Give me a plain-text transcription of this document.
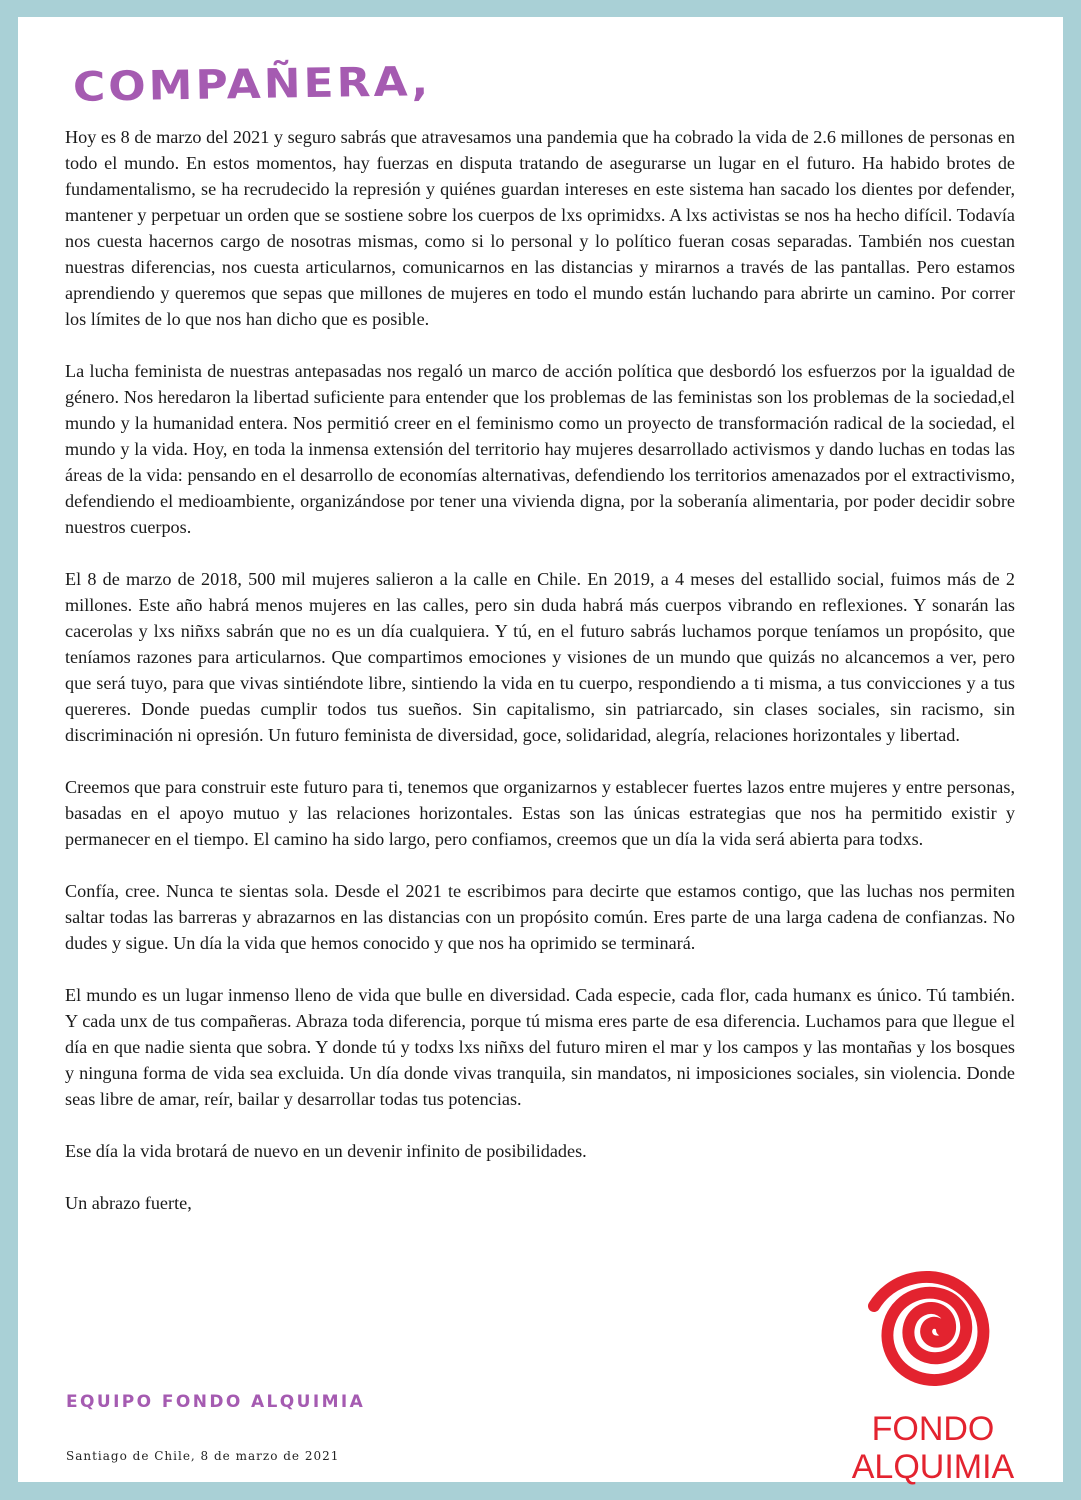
COMPAÑERA,

Hoy es 8 de marzo del 2021 y seguro sabrás que atravesamos una pandemia que ha cobrado la vida de 2.6 millones de personas en todo el mundo. En estos momentos, hay fuerzas en disputa tratando de asegurarse un lugar en el futuro. Ha habido brotes de fundamentalismo, se ha recrudecido la represión y quiénes guardan intereses en este sistema han sacado los dientes por defender, mantener y perpetuar un orden que se sostiene sobre los cuerpos de lxs oprimidxs. A lxs activistas se nos ha hecho difícil. Todavía nos cuesta hacernos cargo de nosotras mismas, como si lo personal y lo político fueran cosas separadas. También nos cuestan nuestras diferencias, nos cuesta articularnos, comunicarnos en las distancias y mirarnos a través de las pantallas. Pero estamos aprendiendo y queremos que sepas que millones de mujeres en todo el mundo están luchando para abrirte un camino. Por correr los límites de lo que nos han dicho que es posible.

La lucha feminista de nuestras antepasadas nos regaló un marco de acción política que desbordó los esfuerzos por la igualdad de género. Nos heredaron la libertad suficiente para entender que los problemas de las feministas son los problemas de la sociedad,el mundo y la humanidad entera. Nos permitió creer en el feminismo como un proyecto de transformación radical de la sociedad, el mundo y la vida. Hoy, en toda la inmensa extensión del territorio hay mujeres desarrollado activismos y dando luchas en todas las áreas de la vida: pensando en el desarrollo de economías alternativas, defendiendo los territorios amenazados por el extractivismo, defendiendo el medioambiente, organizándose por tener una vivienda digna, por la soberanía alimentaria, por poder decidir sobre nuestros cuerpos.

El 8 de marzo de 2018, 500 mil mujeres salieron a la calle en Chile. En 2019, a 4 meses del estallido social, fuimos más de 2 millones. Este año habrá menos mujeres en las calles, pero sin duda habrá más cuerpos vibrando en reflexiones. Y sonarán las cacerolas y lxs niñxs sabrán que no es un día cualquiera. Y tú, en el futuro sabrás luchamos porque teníamos un propósito, que teníamos razones para articularnos. Que compartimos emociones y visiones de un mundo que quizás no alcancemos a ver, pero que será tuyo, para que vivas sintiéndote libre, sintiendo la vida en tu cuerpo, respondiendo a ti misma, a tus convicciones y a tus quereres. Donde puedas cumplir todos tus sueños. Sin capitalismo, sin patriarcado, sin clases sociales, sin racismo, sin discriminación ni opresión. Un futuro feminista de diversidad, goce, solidaridad, alegría, relaciones horizontales y libertad.

Creemos que para construir este futuro para ti, tenemos que organizarnos y establecer fuertes lazos entre mujeres y entre personas, basadas en el apoyo mutuo y las relaciones horizontales. Estas son las únicas estrategias que nos ha permitido existir y permanecer en el tiempo. El camino ha sido largo, pero confiamos, creemos que un día la vida será abierta para todxs.

Confía, cree. Nunca te sientas sola. Desde el 2021 te escribimos para decirte que estamos contigo, que las luchas nos permiten saltar todas las barreras y abrazarnos en las distancias con un propósito común. Eres parte de una larga cadena de confianzas. No dudes y sigue. Un día la vida que hemos conocido y que nos ha oprimido se terminará.

El mundo es un lugar inmenso lleno de vida que bulle en diversidad. Cada especie, cada flor, cada humanx es único. Tú también. Y cada unx de tus compañeras. Abraza toda diferencia, porque tú misma eres parte de esa diferencia. Luchamos para que llegue el día en que nadie sienta que sobra. Y donde tú y todxs lxs niñxs del futuro miren el mar y los campos y las montañas y los bosques y ninguna forma de vida sea excluida. Un día donde vivas tranquila, sin mandatos, ni imposiciones sociales, sin violencia. Donde seas libre de amar, reír, bailar y desarrollar todas tus potencias.

Ese día la vida brotará de nuevo en un devenir infinito de posibilidades.

Un abrazo fuerte,

EQUIPO FONDO ALQUIMIA
Santiago de Chile, 8 de marzo de 2021
FONDO
ALQUIMIA
